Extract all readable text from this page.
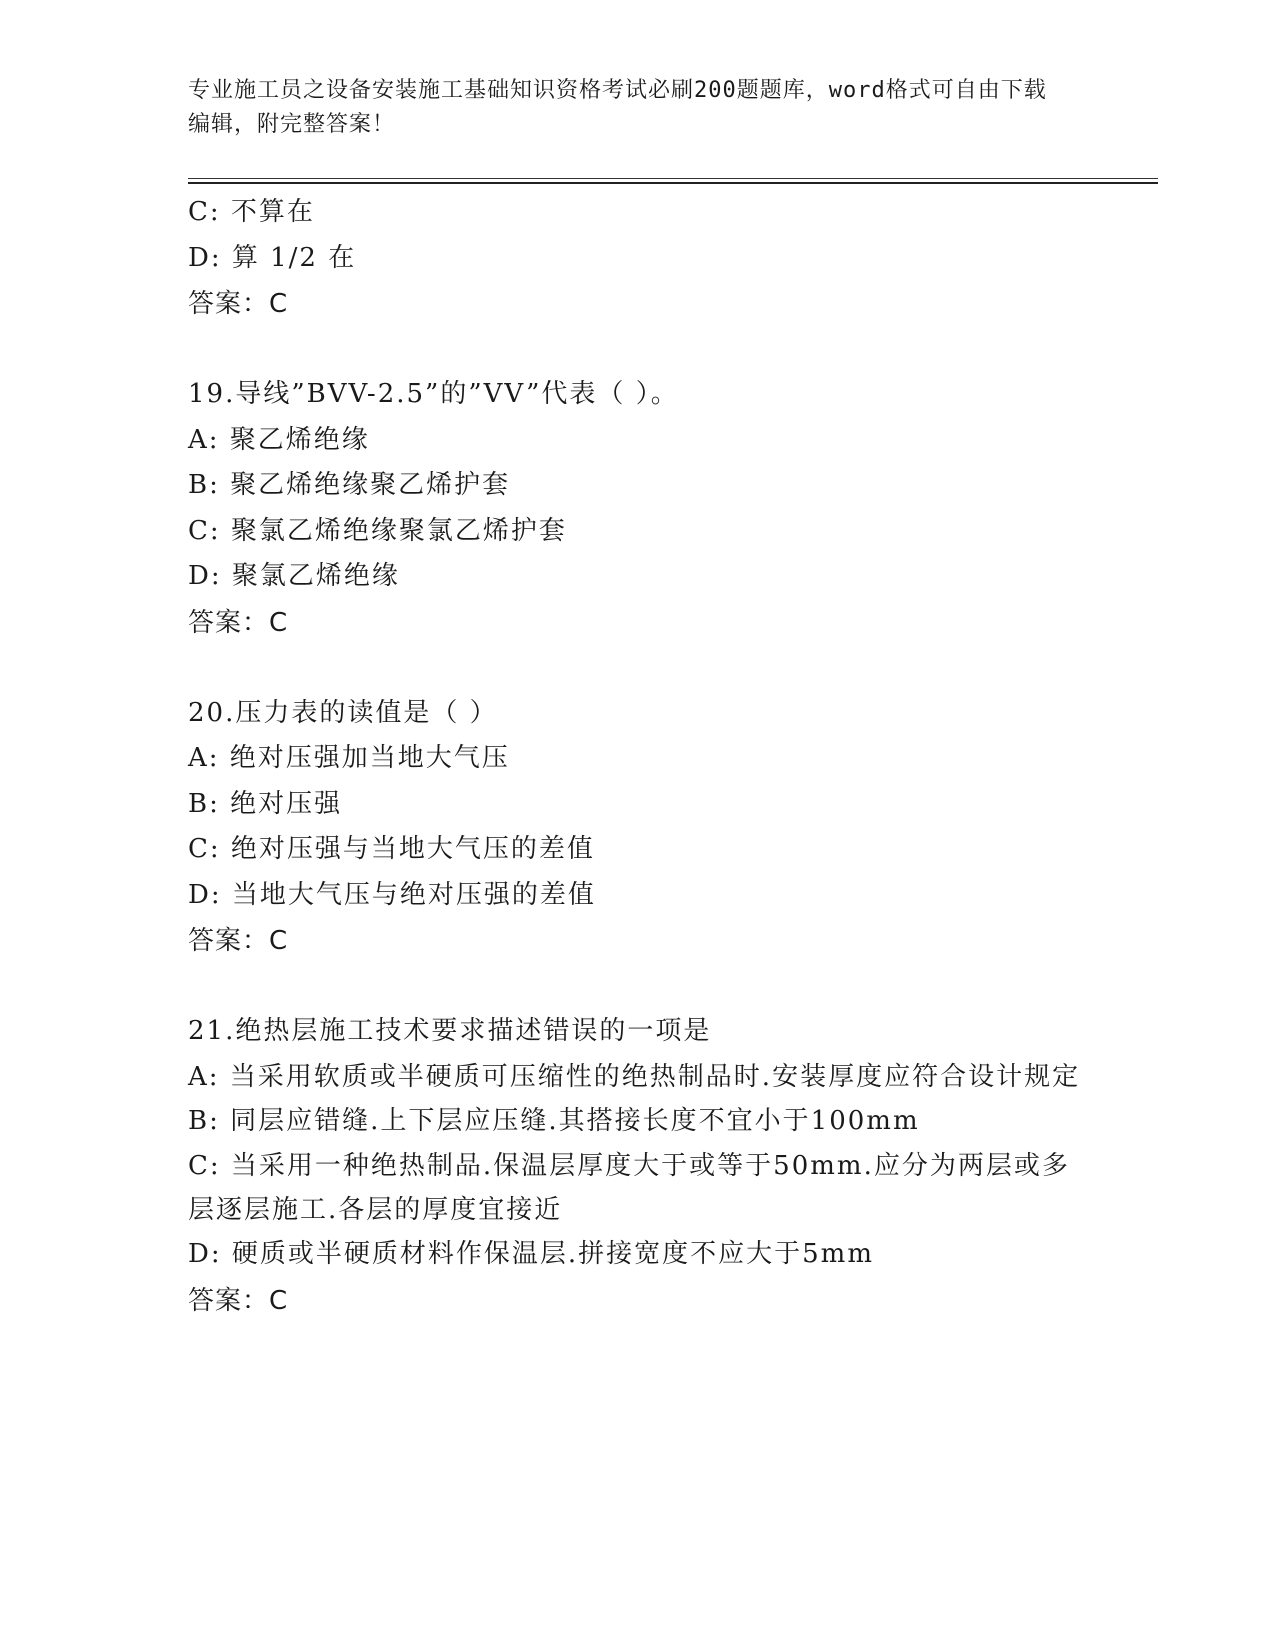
专业施工员之设备安装施工基础知识资格考试必刷200题题库，word格式可自由下载编辑，附完整答案！
C: 不算在
D: 算 1/2 在
答案：C
19.导线”BVV-2.5”的”VV”代表（ ）。
A: 聚乙烯绝缘
B: 聚乙烯绝缘聚乙烯护套
C: 聚氯乙烯绝缘聚氯乙烯护套
D: 聚氯乙烯绝缘
答案：C
20.压力表的读值是（ ）
A: 绝对压强加当地大气压
B: 绝对压强
C: 绝对压强与当地大气压的差值
D: 当地大气压与绝对压强的差值
答案：C
21.绝热层施工技术要求描述错误的一项是
A: 当采用软质或半硬质可压缩性的绝热制品时.安装厚度应符合设计规定
B: 同层应错缝.上下层应压缝.其搭接长度不宜小于100mm
C: 当采用一种绝热制品.保温层厚度大于或等于50mm.应分为两层或多层逐层施工.各层的厚度宜接近
D: 硬质或半硬质材料作保温层.拼接宽度不应大于5mm
答案：C
